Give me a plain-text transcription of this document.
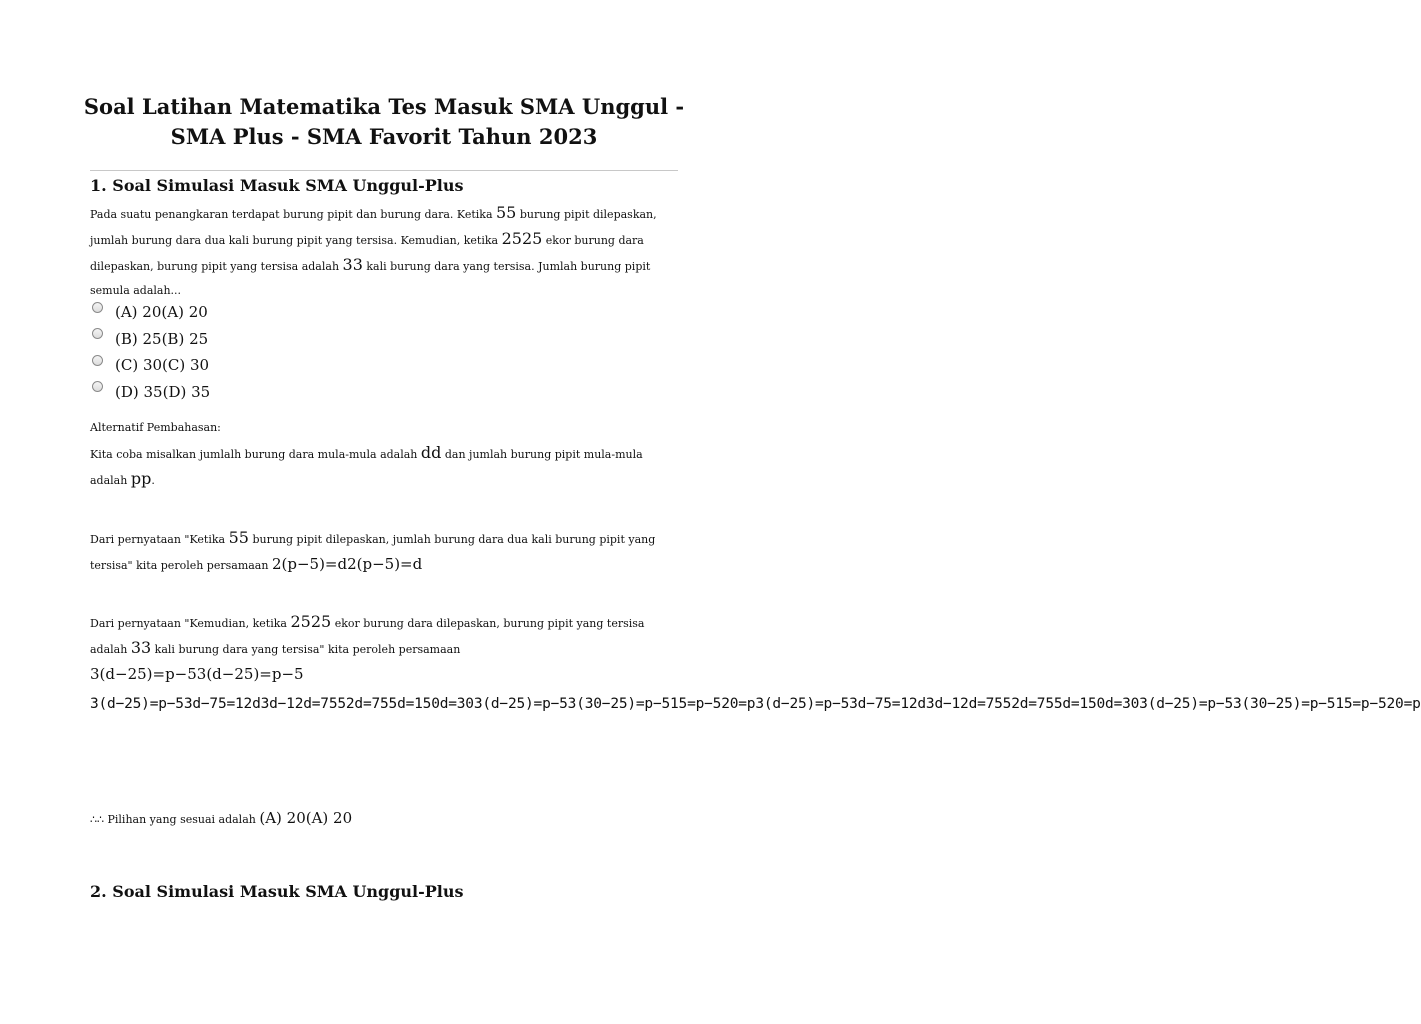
Soal Latihan Matematika Tes Masuk SMA Unggul - SMA Plus - SMA Favorit Tahun 2023
1. Soal Simulasi Masuk SMA Unggul-Plus

Pada suatu penangkaran terdapat burung pipit dan burung dara. Ketika 55 burung pipit dilepaskan, jumlah burung dara dua kali burung pipit yang tersisa. Kemudian, ketika 2525 ekor burung dara dilepaskan, burung pipit yang tersisa adalah 33 kali burung dara yang tersisa. Jumlah burung pipit semula adalah...

(A) 20(A) 20
(B) 25(B) 25
(C) 30(C) 30
(D) 35(D) 35

Alternatif Pembahasan:

Kita coba misalkan jumlalh burung dara mula-mula adalah dd dan jumlah burung pipit mula-mula adalah pp.

Dari pernyataan "Ketika 55 burung pipit dilepaskan, jumlah burung dara dua kali burung pipit yang tersisa" kita peroleh persamaan 2(p−5)=d2(p−5)=d

Dari pernyataan "Kemudian, ketika 2525 ekor burung dara dilepaskan, burung pipit yang tersisa adalah 33 kali burung dara yang tersisa" kita peroleh persamaan 3(d−25)=p−53(d−25)=p−5

3(d−25)=p−53d−75=12d3d−12d=7552d=755d=150d=303(d−25)=p−53(30−25)=p−515=p−520=p3(d−25)=p−53d−75=12d3d−12d=7552d=755d=150d=303(d−25)=p−53(30−25)=p−515=p−520=p

∴∴ Pilihan yang sesuai adalah (A) 20(A) 20

2. Soal Simulasi Masuk SMA Unggul-Plus
